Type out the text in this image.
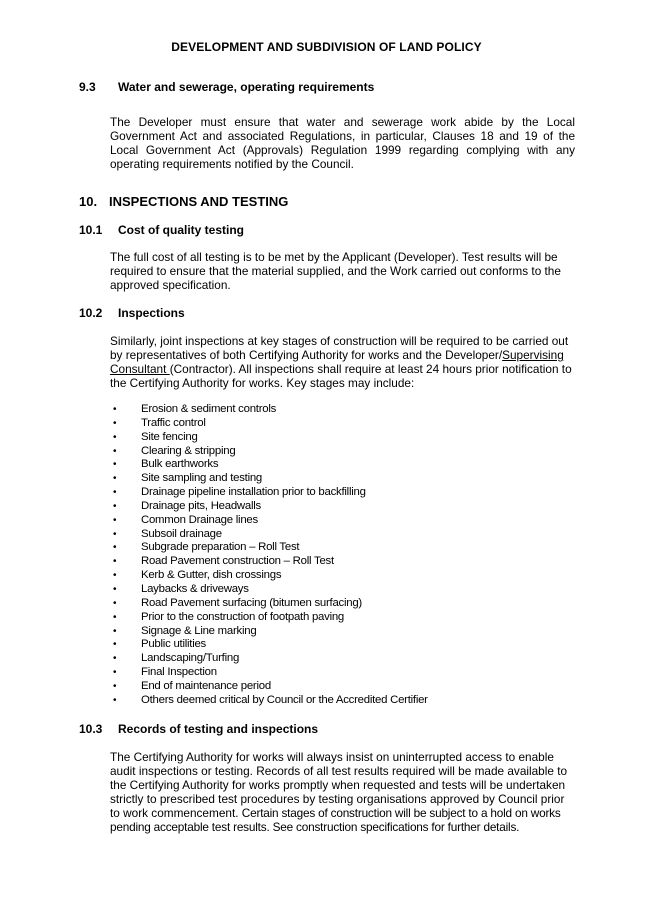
DEVELOPMENT AND SUBDIVISION OF LAND POLICY
9.3 Water and sewerage, operating requirements
The Developer must ensure that water and sewerage work abide by the Local Government Act and associated Regulations, in particular, Clauses 18 and 19 of the Local Government Act (Approvals) Regulation 1999 regarding complying with any operating requirements notified by the Council.
10. INSPECTIONS AND TESTING
10.1 Cost of quality testing
The full cost of all testing is to be met by the Applicant (Developer). Test results will be required to ensure that the material supplied, and the Work carried out conforms to the approved specification.
10.2 Inspections
Similarly, joint inspections at key stages of construction will be required to be carried out by representatives of both Certifying Authority for works and the Developer/Supervising Consultant (Contractor). All inspections shall require at least 24 hours prior notification to the Certifying Authority for works. Key stages may include:
• Erosion & sediment controls
• Traffic control
• Site fencing
• Clearing & stripping
• Bulk earthworks
• Site sampling and testing
• Drainage pipeline installation prior to backfilling
• Drainage pits, Headwalls
• Common Drainage lines
• Subsoil drainage
• Subgrade preparation – Roll Test
• Road Pavement construction – Roll Test
• Kerb & Gutter, dish crossings
• Laybacks & driveways
• Road Pavement surfacing (bitumen surfacing)
• Prior to the construction of footpath paving
• Signage & Line marking
• Public utilities
• Landscaping/Turfing
• Final Inspection
• End of maintenance period
• Others deemed critical by Council or the Accredited Certifier
10.3 Records of testing and inspections
The Certifying Authority for works will always insist on uninterrupted access to enable audit inspections or testing. Records of all test results required will be made available to the Certifying Authority for works promptly when requested and tests will be undertaken strictly to prescribed test procedures by testing organisations approved by Council prior to work commencement. Certain stages of construction will be subject to a hold on works pending acceptable test results. See construction specifications for further details.
